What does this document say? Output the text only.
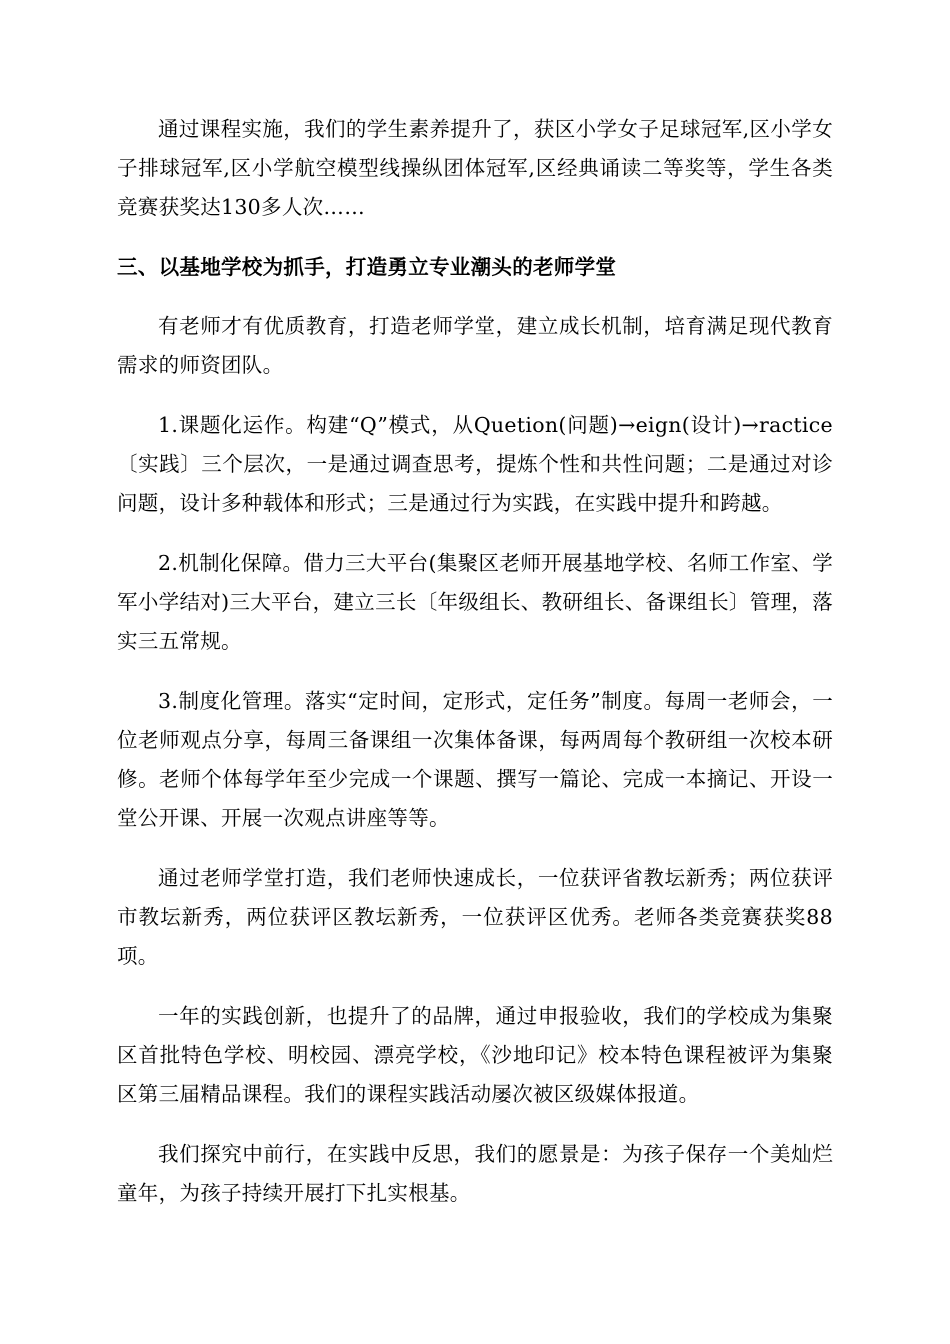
通过课程实施，我们的学生素养提升了，获区小学女子足球冠军,区小学女子排球冠军,区小学航空模型线操纵团体冠军,区经典诵读二等奖等，学生各类竞赛获奖达130多人次……

三、以基地学校为抓手，打造勇立专业潮头的老师学堂

有老师才有优质教育，打造老师学堂，建立成长机制，培育满足现代教育需求的师资团队。

1.课题化运作。构建“Q”模式，从Quetion(问题)→eign(设计)→ractice〔实践〕三个层次，一是通过调查思考，提炼个性和共性问题；二是通过对诊问题，设计多种载体和形式；三是通过行为实践，在实践中提升和跨越。

2.机制化保障。借力三大平台(集聚区老师开展基地学校、名师工作室、学军小学结对)三大平台，建立三长〔年级组长、教研组长、备课组长〕管理，落实三五常规。

3.制度化管理。落实“定时间，定形式，定任务”制度。每周一老师会，一位老师观点分享，每周三备课组一次集体备课，每两周每个教研组一次校本研修。老师个体每学年至少完成一个课题、撰写一篇论、完成一本摘记、开设一堂公开课、开展一次观点讲座等等。

通过老师学堂打造，我们老师快速成长，一位获评省教坛新秀；两位获评市教坛新秀，两位获评区教坛新秀，一位获评区优秀。老师各类竞赛获奖88项。

一年的实践创新，也提升了的品牌，通过申报验收，我们的学校成为集聚区首批特色学校、明校园、漂亮学校，《沙地印记》校本特色课程被评为集聚区第三届精品课程。我们的课程实践活动屡次被区级媒体报道。

我们探究中前行，在实践中反思，我们的愿景是：为孩子保存一个美灿烂童年，为孩子持续开展打下扎实根基。
